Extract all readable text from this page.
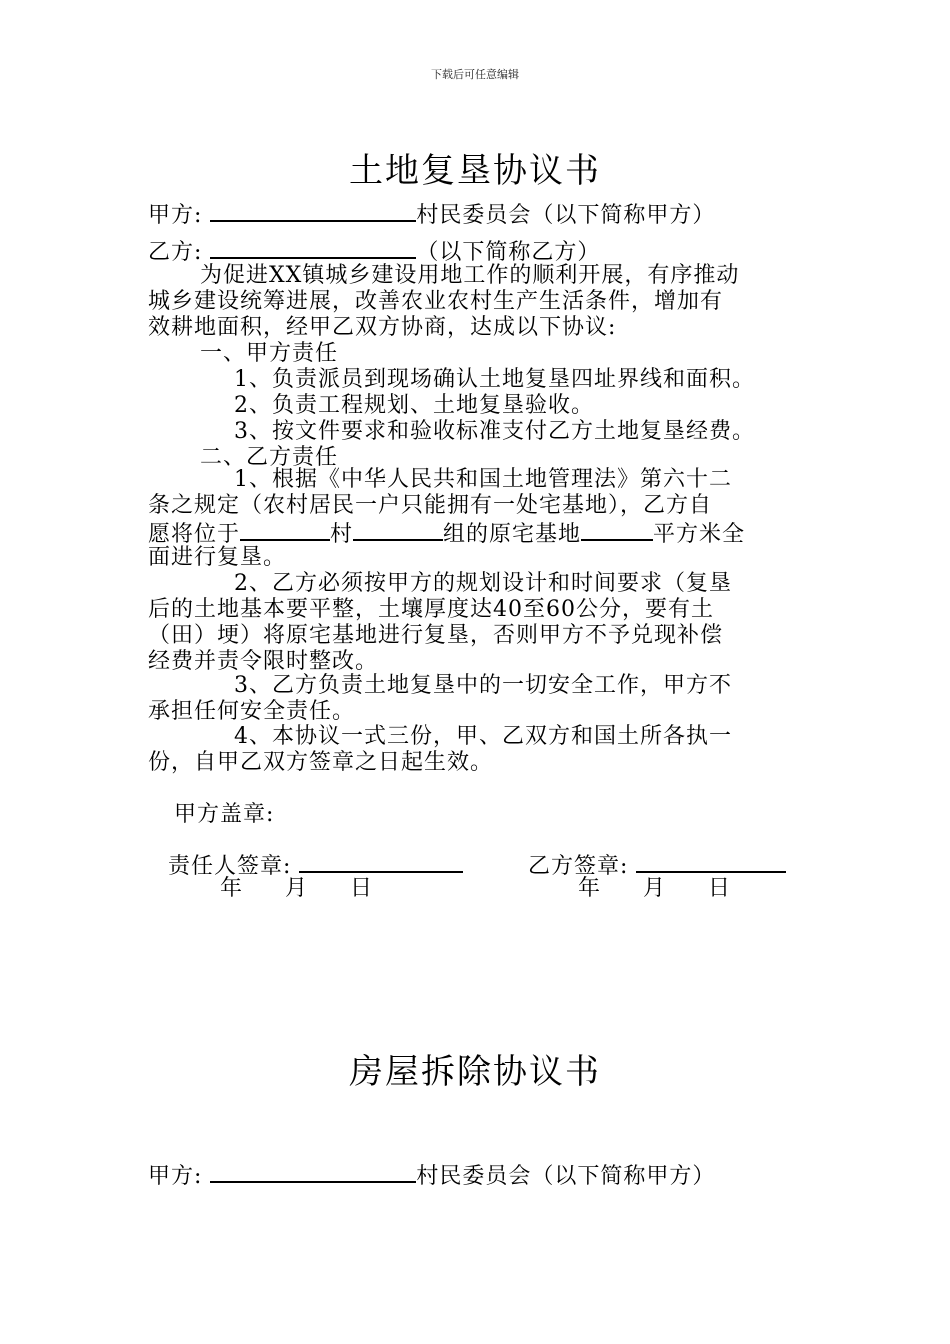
下载后可任意编辑
土地复垦协议书
甲方:	村民委员会（以下简称甲方）
乙方:	（以下简称乙方）
为促进XX镇城乡建设用地工作的顺利开展，有序推动
城乡建设统筹进展，改善农业农村生产生活条件，增加有
效耕地面积，经甲乙双方协商，达成以下协议:
一、甲方责任
1、负责派员到现场确认土地复垦四址界线和面积。
2、负责工程规划、土地复垦验收。
3、按文件要求和验收标准支付乙方土地复垦经费。
二、乙方责任
1、根据《中华人民共和国土地管理法》第六十二
条之规定（农村居民一户只能拥有一处宅基地），乙方自
愿将位于	村	组的原宅基地	平方米全
面进行复垦。
2、乙方必须按甲方的规划设计和时间要求（复垦
后的土地基本要平整，土壤厚度达40至60公分，要有土
（田）埂）将原宅基地进行复垦，否则甲方不予兑现补偿
经费并责令限时整改。
3、乙方负责土地复垦中的一切安全工作，甲方不
承担任何安全责任。
4、本协议一式三份，甲、乙双方和国土所各执一
份，自甲乙双方签章之日起生效。
甲方盖章:
责任人签章:	乙方签章:
年 月 日	年 月 日
房屋拆除协议书
甲方:	村民委员会（以下简称甲方）
